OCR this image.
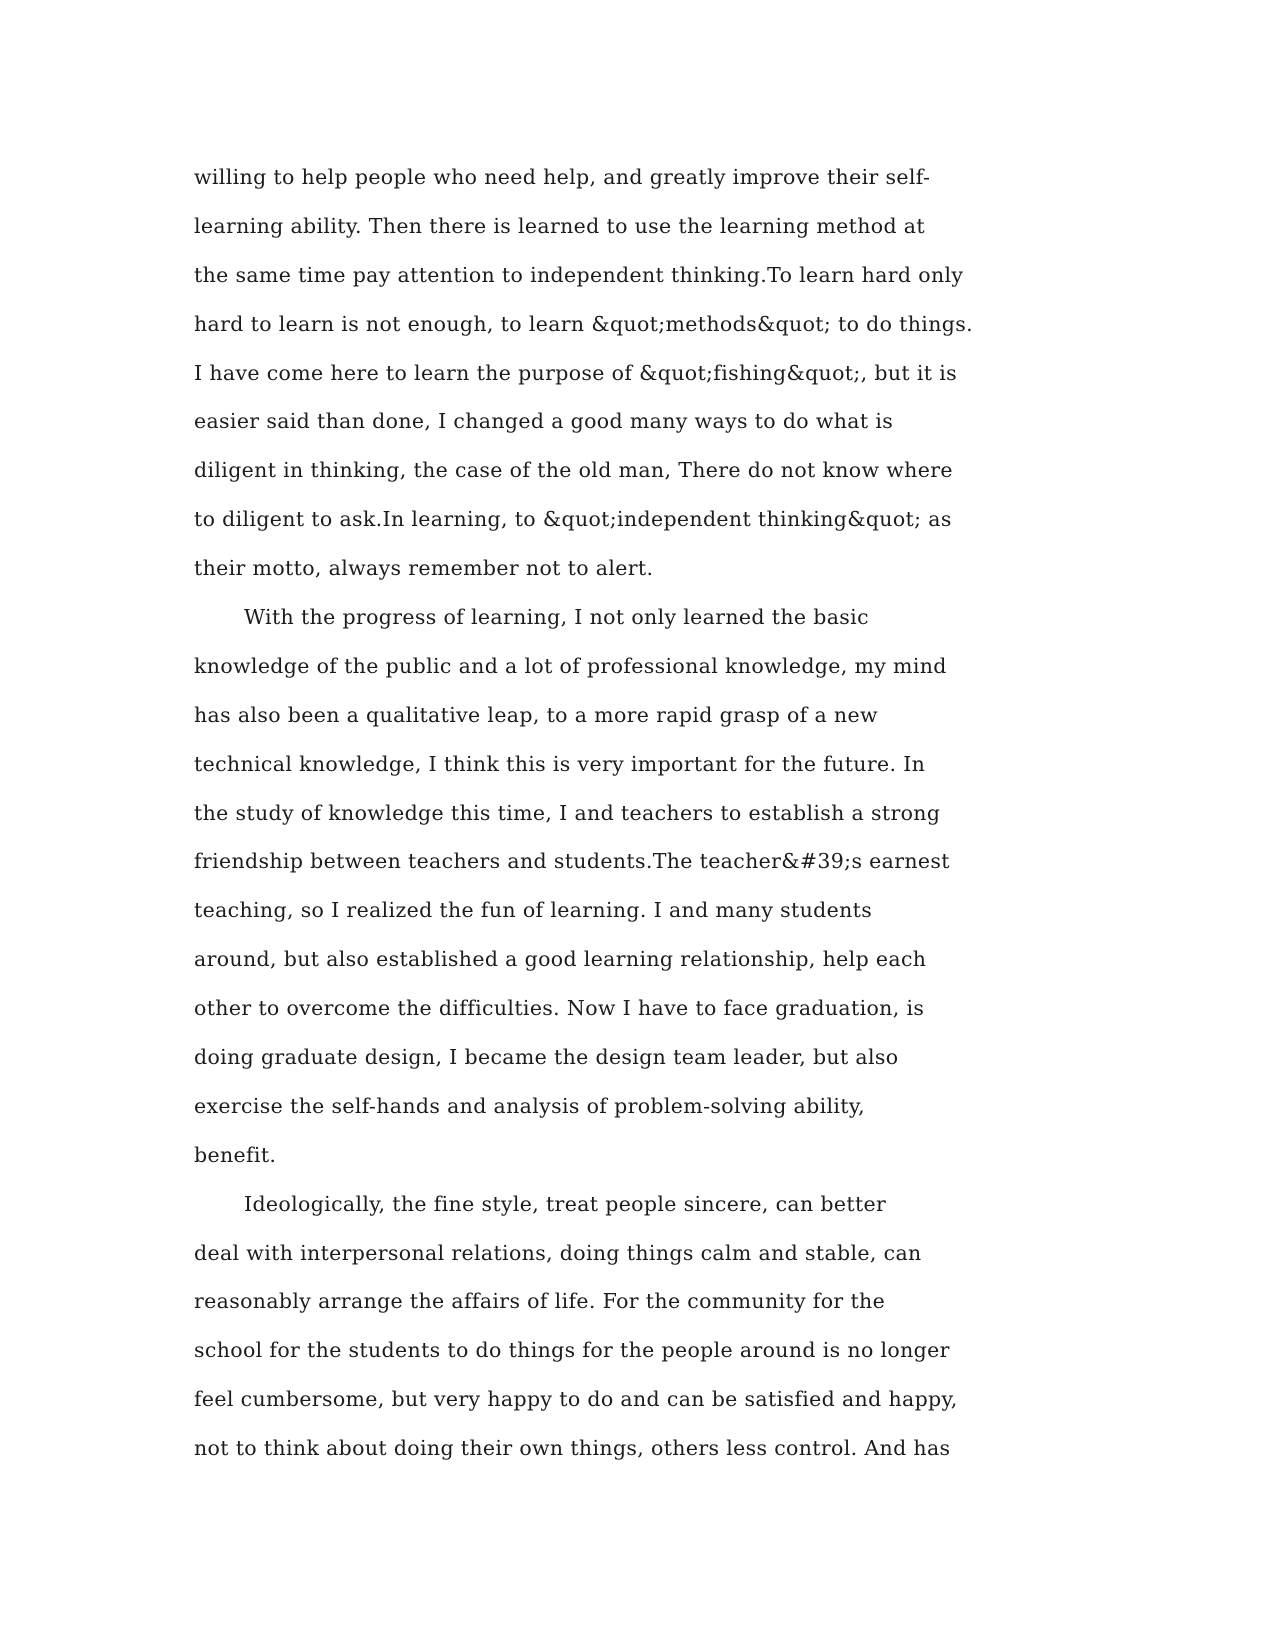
willing to help people who need help, and greatly improve their self-
learning ability. Then there is learned to use the learning method at
the same time pay attention to independent thinking.To learn hard only
hard to learn is not enough, to learn &quot;methods&quot; to do things.
I have come here to learn the purpose of &quot;fishing&quot;, but it is
easier said than done, I changed a good many ways to do what is
diligent in thinking, the case of the old man, There do not know where
to diligent to ask.In learning, to &quot;independent thinking&quot; as
their motto, always remember not to alert.
With the progress of learning, I not only learned the basic
knowledge of the public and a lot of professional knowledge, my mind
has also been a qualitative leap, to a more rapid grasp of a new
technical knowledge, I think this is very important for the future. In
the study of knowledge this time, I and teachers to establish a strong
friendship between teachers and students.The teacher&#39;s earnest
teaching, so I realized the fun of learning. I and many students
around, but also established a good learning relationship, help each
other to overcome the difficulties. Now I have to face graduation, is
doing graduate design, I became the design team leader, but also
exercise the self-hands and analysis of problem-solving ability,
benefit.
Ideologically, the fine style, treat people sincere, can better
deal with interpersonal relations, doing things calm and stable, can
reasonably arrange the affairs of life. For the community for the
school for the students to do things for the people around is no longer
feel cumbersome, but very happy to do and can be satisfied and happy,
not to think about doing their own things, others less control. And has
